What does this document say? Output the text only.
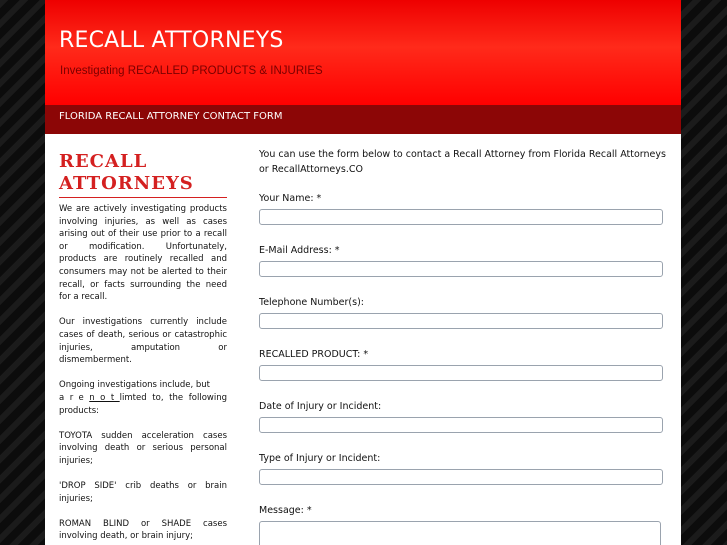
RECALL ATTORNEYS

Investigating RECALLED PRODUCTS & INJURIES

FLORIDA RECALL ATTORNEY CONTACT FORM
RECALL
ATTORNEYS

We are actively investigating products involving injuries, as well as cases arising out of their use prior to a recall or modification. Unfortunately, products are routinely recalled and consumers may not be alerted to their recall, or facts surrounding the need for a recall.

Our investigations currently include cases of death, serious or catastrophic injuries, amputation or dismemberment.

Ongoing investigations include, but
arenotlimted to, the following products:

TOYOTA sudden acceleration cases involving death or serious personal injuries;

'DROP SIDE' crib deaths or brain injuries;

ROMAN BLIND or SHADE cases involving death, or brain injury;

You can use the form below to contact a Recall Attorney from Florida Recall Attorneys or RecallAttorneys.CO

Your Name: *
E-Mail Address: *
Telephone Number(s):
RECALLED PRODUCT: *
Date of Injury or Incident:
Type of Injury or Incident:
Message: *
